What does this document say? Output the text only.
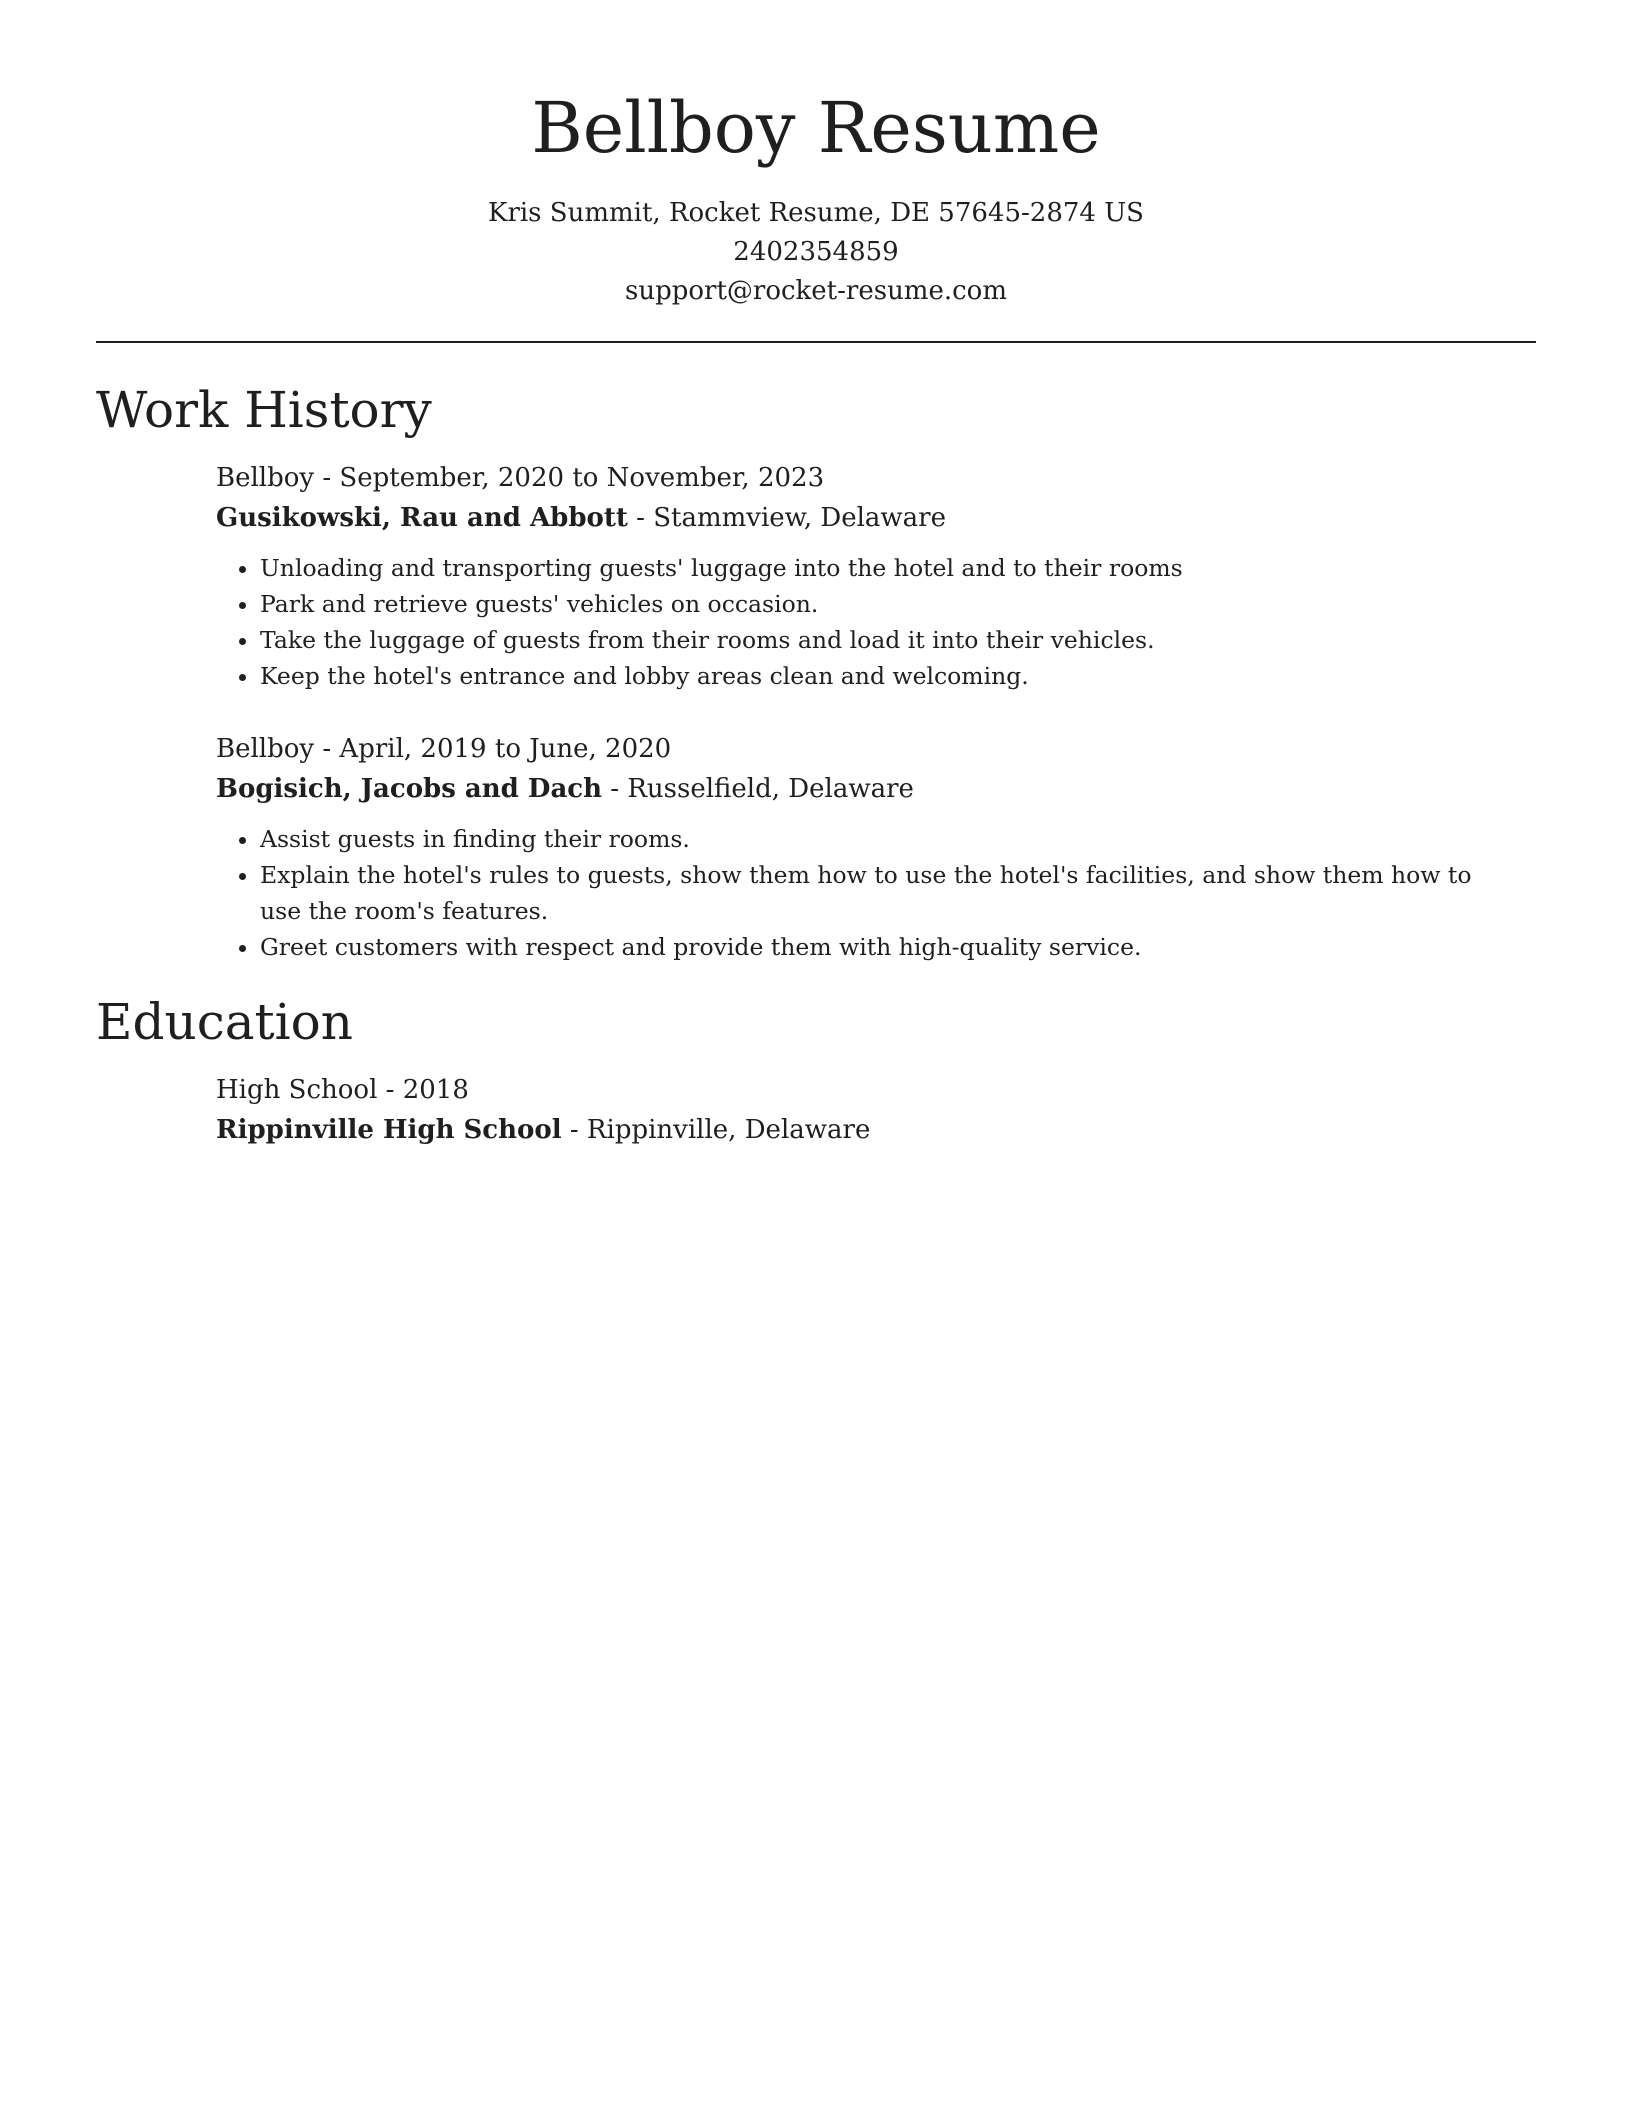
Bellboy Resume
Kris Summit, Rocket Resume, DE 57645-2874 US
2402354859
support@rocket-resume.com
Work History
Bellboy - September, 2020 to November, 2023
Gusikowski, Rau and Abbott - Stammview, Delaware
• Unloading and transporting guests' luggage into the hotel and to their rooms
• Park and retrieve guests' vehicles on occasion.
• Take the luggage of guests from their rooms and load it into their vehicles.
• Keep the hotel's entrance and lobby areas clean and welcoming.
Bellboy - April, 2019 to June, 2020
Bogisich, Jacobs and Dach - Russelfield, Delaware
• Assist guests in finding their rooms.
• Explain the hotel's rules to guests, show them how to use the hotel's facilities, and show them how to use the room's features.
• Greet customers with respect and provide them with high-quality service.
Education
High School - 2018
Rippinville High School - Rippinville, Delaware
